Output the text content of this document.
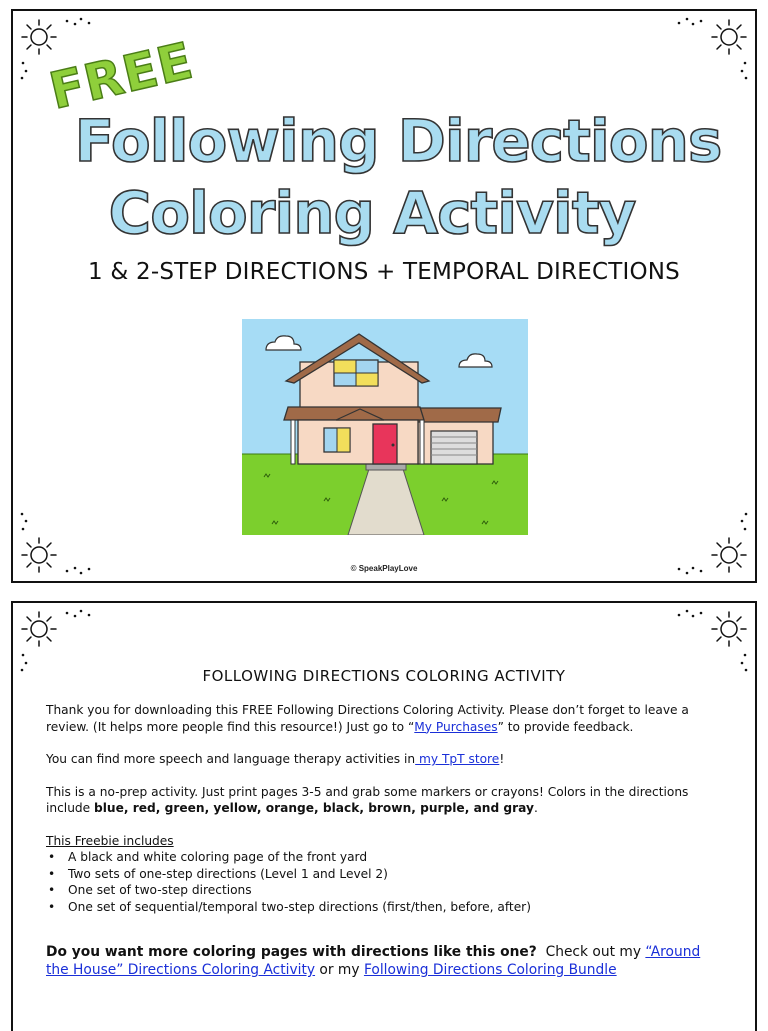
FREE
Following Directions
Coloring Activity
1 & 2-STEP DIRECTIONS + TEMPORAL DIRECTIONS
© SpeakPlayLove
FOLLOWING DIRECTIONS COLORING ACTIVITY

Thank you for downloading this FREE Following Directions Coloring Activity. Please don’t forget to leave a review. (It helps more people find this resource!) Just go to “My Purchases” to provide feedback.

You can find more speech and language therapy activities in my TpT store!

This is a no-prep activity. Just print pages 3-5 and grab some markers or crayons! Colors in the directions include blue, red, green, yellow, orange, black, brown, purple, and gray.

This Freebie includes
• A black and white coloring page of the front yard
• Two sets of one-step directions (Level 1 and Level 2)
• One set of two-step directions
• One set of sequential/temporal two-step directions (first/then, before, after)

Do you want more coloring pages with directions like this one?  Check out my “Around the House” Directions Coloring Activity or my Following Directions Coloring Bundle
